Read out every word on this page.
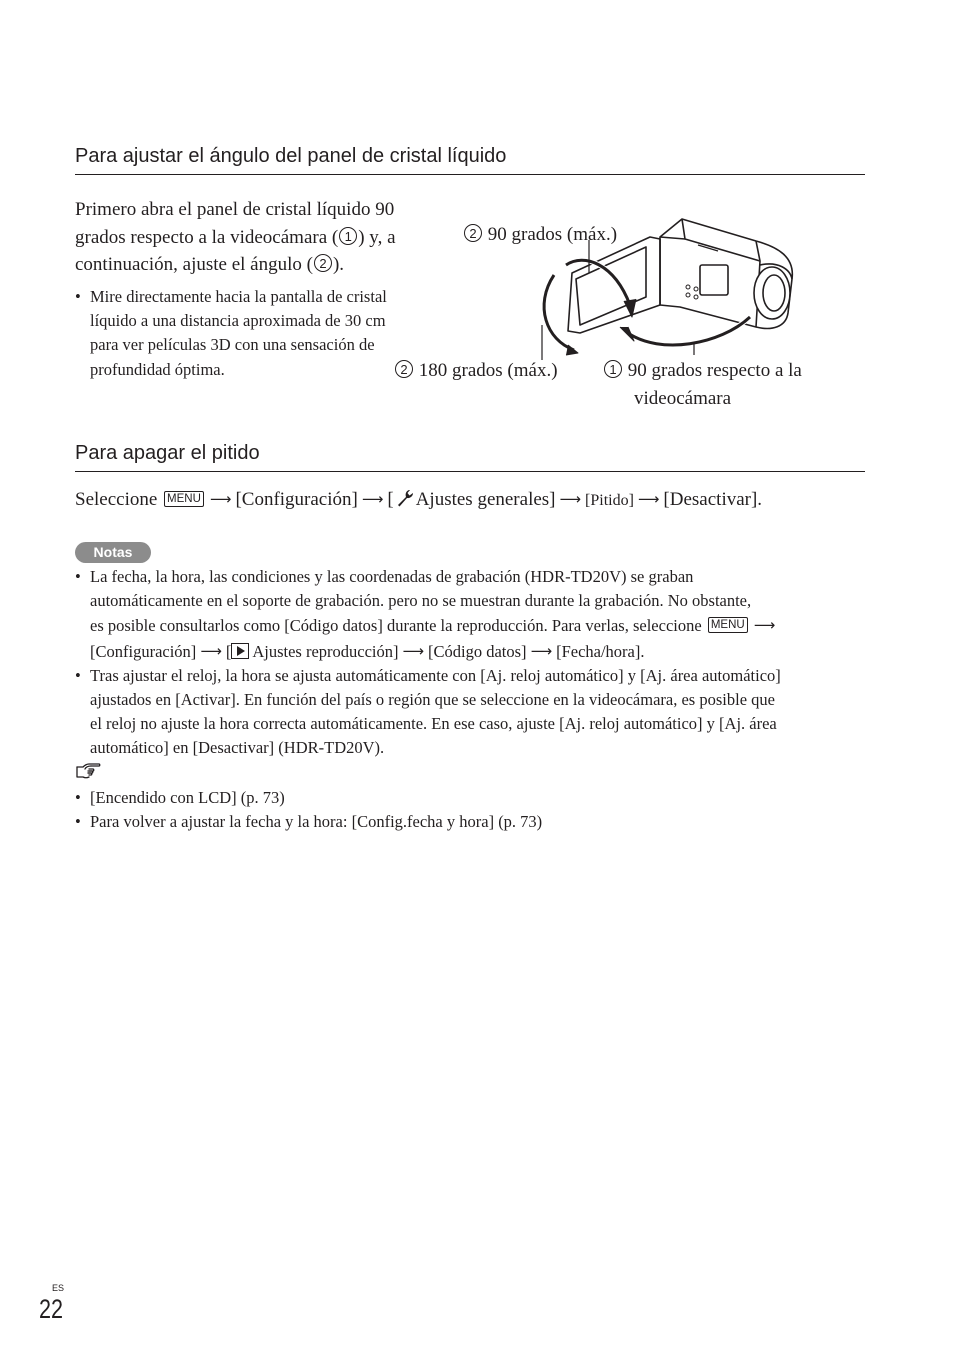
Para ajustar el ángulo del panel de cristal líquido
Primero abra el panel de cristal líquido 90
grados respecto a la videocámara ( 1 ) y, a
continuación, ajuste el ángulo ( 2 ).
• Mire directamente hacia la pantalla de cristal
líquido a una distancia aproximada de 30 cm
para ver películas 3D con una sensación de
profundidad óptima.
2 90 grados (máx.)
2 180 grados (máx.)	1 90 grados respecto a la
videocámara
Para apagar el pitido
Seleccione MENU ⟶ [Configuración] ⟶ [ Ajustes generales] ⟶ [Pitido] ⟶ [Desactivar].
Notas
• La fecha, la hora, las condiciones y las coordenadas de grabación (HDR-TD20V) se graban
automáticamente en el soporte de grabación. pero no se muestran durante la grabación. No obstante,
es posible consultarlos como [Código datos] durante la reproducción. Para verlas, seleccione MENU ⟶
[Configuración] ⟶ [ Ajustes reproducción] ⟶ [Código datos] ⟶ [Fecha/hora].
• Tras ajustar el reloj, la hora se ajusta automáticamente con [Aj. reloj automático] y [Aj. área automático]
ajustados en [Activar]. En función del país o región que se seleccione en la videocámara, es posible que
el reloj no ajuste la hora correcta automáticamente. En ese caso, ajuste [Aj. reloj automático] y [Aj. área
automático] en [Desactivar] (HDR-TD20V).
• [Encendido con LCD] (p. 73)
• Para volver a ajustar la fecha y la hora: [Config.fecha y hora] (p. 73)
ES
22
